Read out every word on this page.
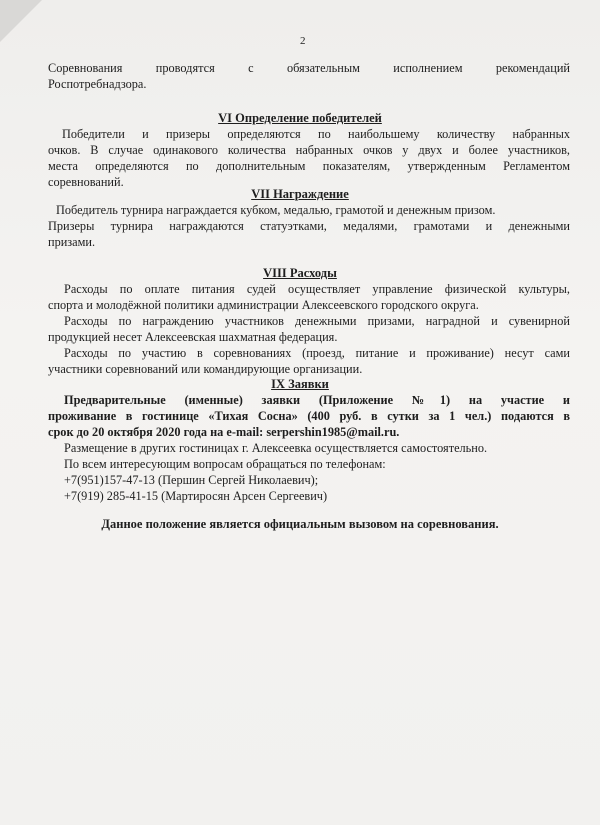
2

Соревнования проводятся с обязательным исполнением рекомендаций

Роспотребнадзора.

VI Определение победителей

Победители и призеры определяются по наибольшему количеству набранных

очков. В случае одинакового количества набранных очков у двух и более участников,

места определяются по дополнительным показателям, утвержденным Регламентом

соревнований.

VII Награждение

Победитель турнира награждается кубком, медалью, грамотой и денежным призом.

Призеры турнира награждаются статуэтками, медалями, грамотами и денежными

призами.

VIII Расходы

Расходы по оплате питания судей осуществляет управление физической культуры,

спорта и молодёжной политики администрации Алексеевского городского округа.

Расходы по награждению участников денежными призами, наградной и сувенирной

продукцией несет Алексеевская шахматная федерация.

Расходы по участию в соревнованиях (проезд, питание и проживание) несут сами

участники соревнований или командирующие организации.

IX Заявки

Предварительные (именные) заявки (Приложение №1) на участие и

проживание в гостинице «Тихая Сосна» (400 руб. в сутки за 1 чел.) подаются в

срок до 20 октября 2020 года на e-mail: serpershin1985@mail.ru.

Размещение в других гостиницах г. Алексеевка осуществляется самостоятельно.

По всем интересующим вопросам обращаться по телефонам:

+7(951)157-47-13 (Першин Сергей Николаевич);

+7(919) 285-41-15 (Мартиросян Арсен Сергеевич)

Данное положение является официальным вызовом на соревнования.
